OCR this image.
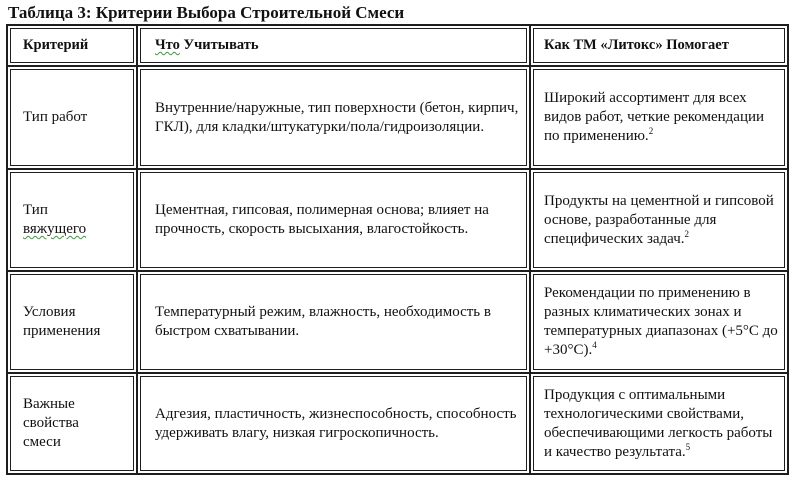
Таблица 3: Критерии Выбора Строительной Смеси
Критерий	Что Учитывать	Как ТМ «Литокс» Помогает
Тип работ
Внутренние/наружные, тип поверхности (бетон, кирпич, ГКЛ), для кладки/штукатурки/пола/гидроизоляции.
Широкий ассортимент для всех видов работ, четкие рекомендации по применению.$^2$
Тип
вяжущего
Цементная, гипсовая, полимерная основа; влияет на прочность, скорость высыхания, влагостойкость.
Продукты на цементной и гипсовой основе, разработанные для специфических задач.$^2$
Условия
применения
Температурный режим, влажность, необходимость в быстром схватывании.
Рекомендации по применению в разных климатических зонах и температурных диапазонах (+5°C до +30°C).$^4$
Важные
свойства
смеси
Адгезия, пластичность, жизнеспособность, способность удерживать влагу, низкая гигроскопичность.
Продукция с оптимальными технологическими свойствами, обеспечивающими легкость работы и качество результата.$^5$
